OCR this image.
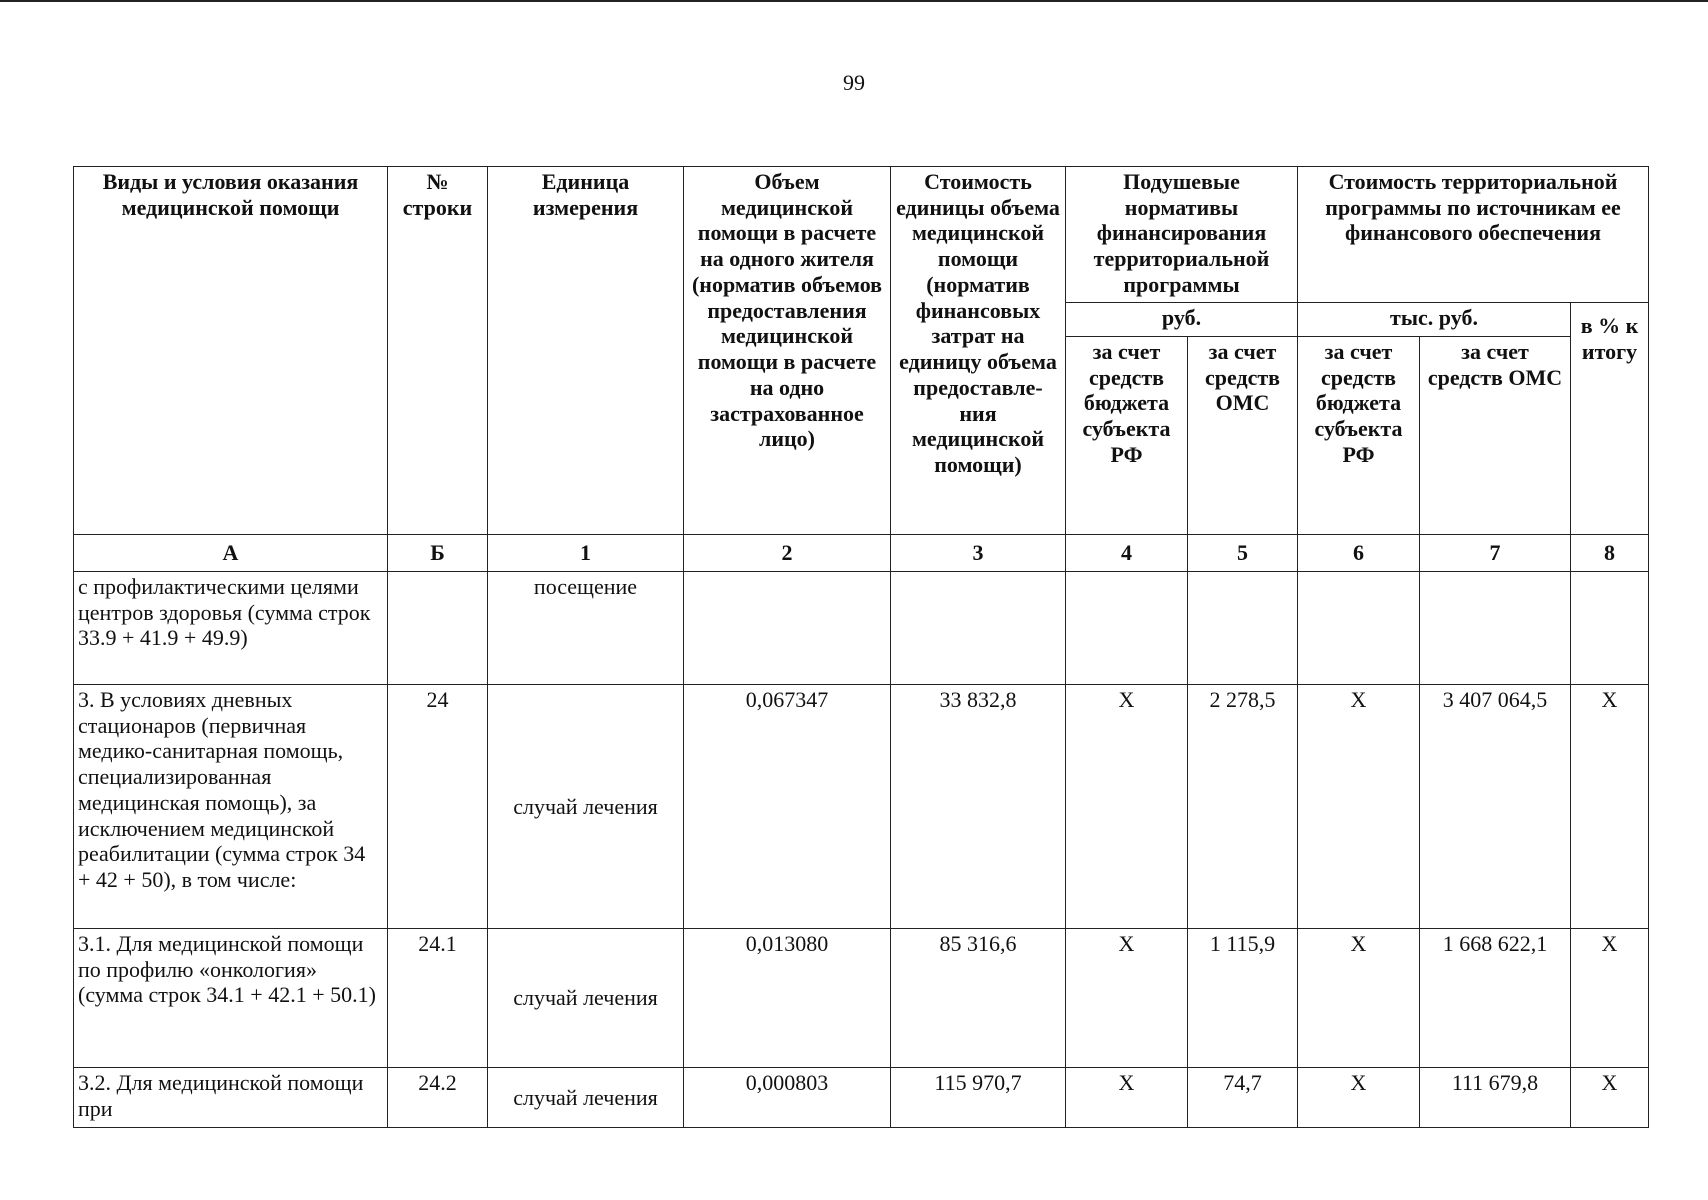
99
Виды и условия оказания медицинской помощи	№ строки	Единица измерения	Объем медицинской помощи в расчете на одного жителя (норматив объемов предоставления медицинской помощи в расчете на одно застрахованное лицо)	Стоимость единицы объема медицинской помощи (норматив финансовых затрат на единицу объема предоставле-ния медицинской помощи)	Подушевые нормативы финансирования территориальной программы		Стоимость территориальной программы по источникам ее финансового обеспечения		
					руб.		тыс. руб.		в % к итогу
					за счет средств бюджета субъекта РФ	за счет средств ОМС	за счет средств бюджета субъекта РФ	за счет средств ОМС	
А	Б	1	2	3	4	5	6	7	8
с профилактическими целями центров здоровья (сумма строк 33.9 + 41.9 + 49.9)		посещение							
3. В условиях дневных стационаров (первичная медико-санитарная помощь, специализированная медицинская помощь), за исключением медицинской реабилитации (сумма строк 34 + 42 + 50), в том числе:	24	случай лечения	0,067347	33 832,8	Х	2 278,5	Х	3 407 064,5	Х
3.1. Для медицинской помощи по профилю «онкология» (сумма строк 34.1 + 42.1 + 50.1)	24.1	случай лечения	0,013080	85 316,6	Х	1 115,9	Х	1 668 622,1	Х
3.2. Для медицинской помощи при	24.2	случай лечения	0,000803	115 970,7	Х	74,7	Х	111 679,8	Х
